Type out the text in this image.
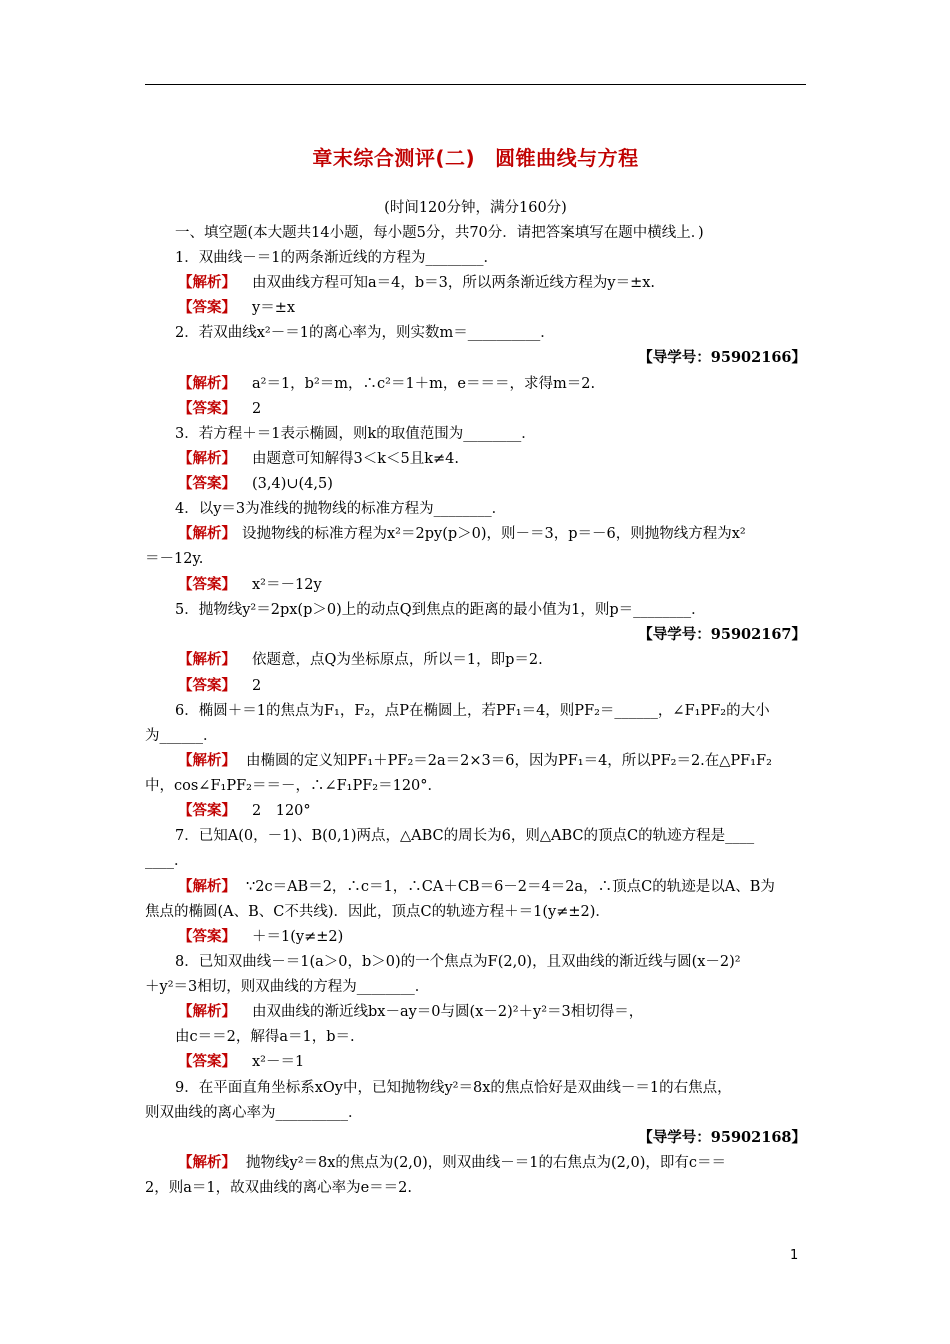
章末综合测评(二) 圆锥曲线与方程
(时间120分钟，满分160分)
一、填空题(本大题共14小题，每小题5分，共70分．请把答案填写在题中横线上．)
1．双曲线－＝1的两条渐近线的方程为________．
【解析】 由双曲线方程可知a＝4，b＝3，所以两条渐近线方程为y＝±x.
【答案】 y＝±x
2．若双曲线x²－＝1的离心率为，则实数m＝__________．
【导学号：95902166】
【解析】 a²＝1，b²＝m，∴c²＝1＋m，e＝＝＝，求得m＝2.
【答案】 2
3．若方程＋＝1表示椭圆，则k的取值范围为________．
【解析】 由题意可知解得3＜k＜5且k≠4.
【答案】 (3,4)∪(4,5)
4．以y＝3为准线的抛物线的标准方程为________．
【解析】 设抛物线的标准方程为x²＝2py(p＞0)，则－＝3，p＝－6，则抛物线方程为x²
＝－12y.
【答案】 x²＝－12y
5．抛物线y²＝2px(p＞0)上的动点Q到焦点的距离的最小值为1，则p＝________．
【导学号：95902167】
【解析】 依题意，点Q为坐标原点，所以＝1，即p＝2.
【答案】 2
6．椭圆＋＝1的焦点为F₁，F₂，点P在椭圆上，若PF₁＝4，则PF₂＝______，∠F₁PF₂的大小
为______．
【解析】 由椭圆的定义知PF₁＋PF₂＝2a＝2×3＝6，因为PF₁＝4，所以PF₂＝2.在△PF₁F₂
中，cos∠F₁PF₂＝＝－，∴∠F₁PF₂＝120°．
【答案】 2　120°
7．已知A(0，－1)、B(0,1)两点，△ABC的周长为6，则△ABC的顶点C的轨迹方程是____
____．
【解析】 ∵2c＝AB＝2，∴c＝1，∴CA＋CB＝6－2＝4＝2a，∴顶点C的轨迹是以A、B为
焦点的椭圆(A、B、C不共线)．因此，顶点C的轨迹方程＋＝1(y≠±2)．
【答案】 ＋＝1(y≠±2)
8．已知双曲线－＝1(a＞0，b＞0)的一个焦点为F(2,0)，且双曲线的渐近线与圆(x－2)²
＋y²＝3相切，则双曲线的方程为________．
【解析】 由双曲线的渐近线bx－ay＝0与圆(x－2)²＋y²＝3相切得＝，
由c＝＝2，解得a＝1，b＝.
【答案】 x²－＝1
9．在平面直角坐标系xOy中，已知抛物线y²＝8x的焦点恰好是双曲线－＝1的右焦点，
则双曲线的离心率为__________．
【导学号：95902168】
【解析】 抛物线y²＝8x的焦点为(2,0)，则双曲线－＝1的右焦点为(2,0)，即有c＝＝
2，则a＝1，故双曲线的离心率为e＝＝2.
1
